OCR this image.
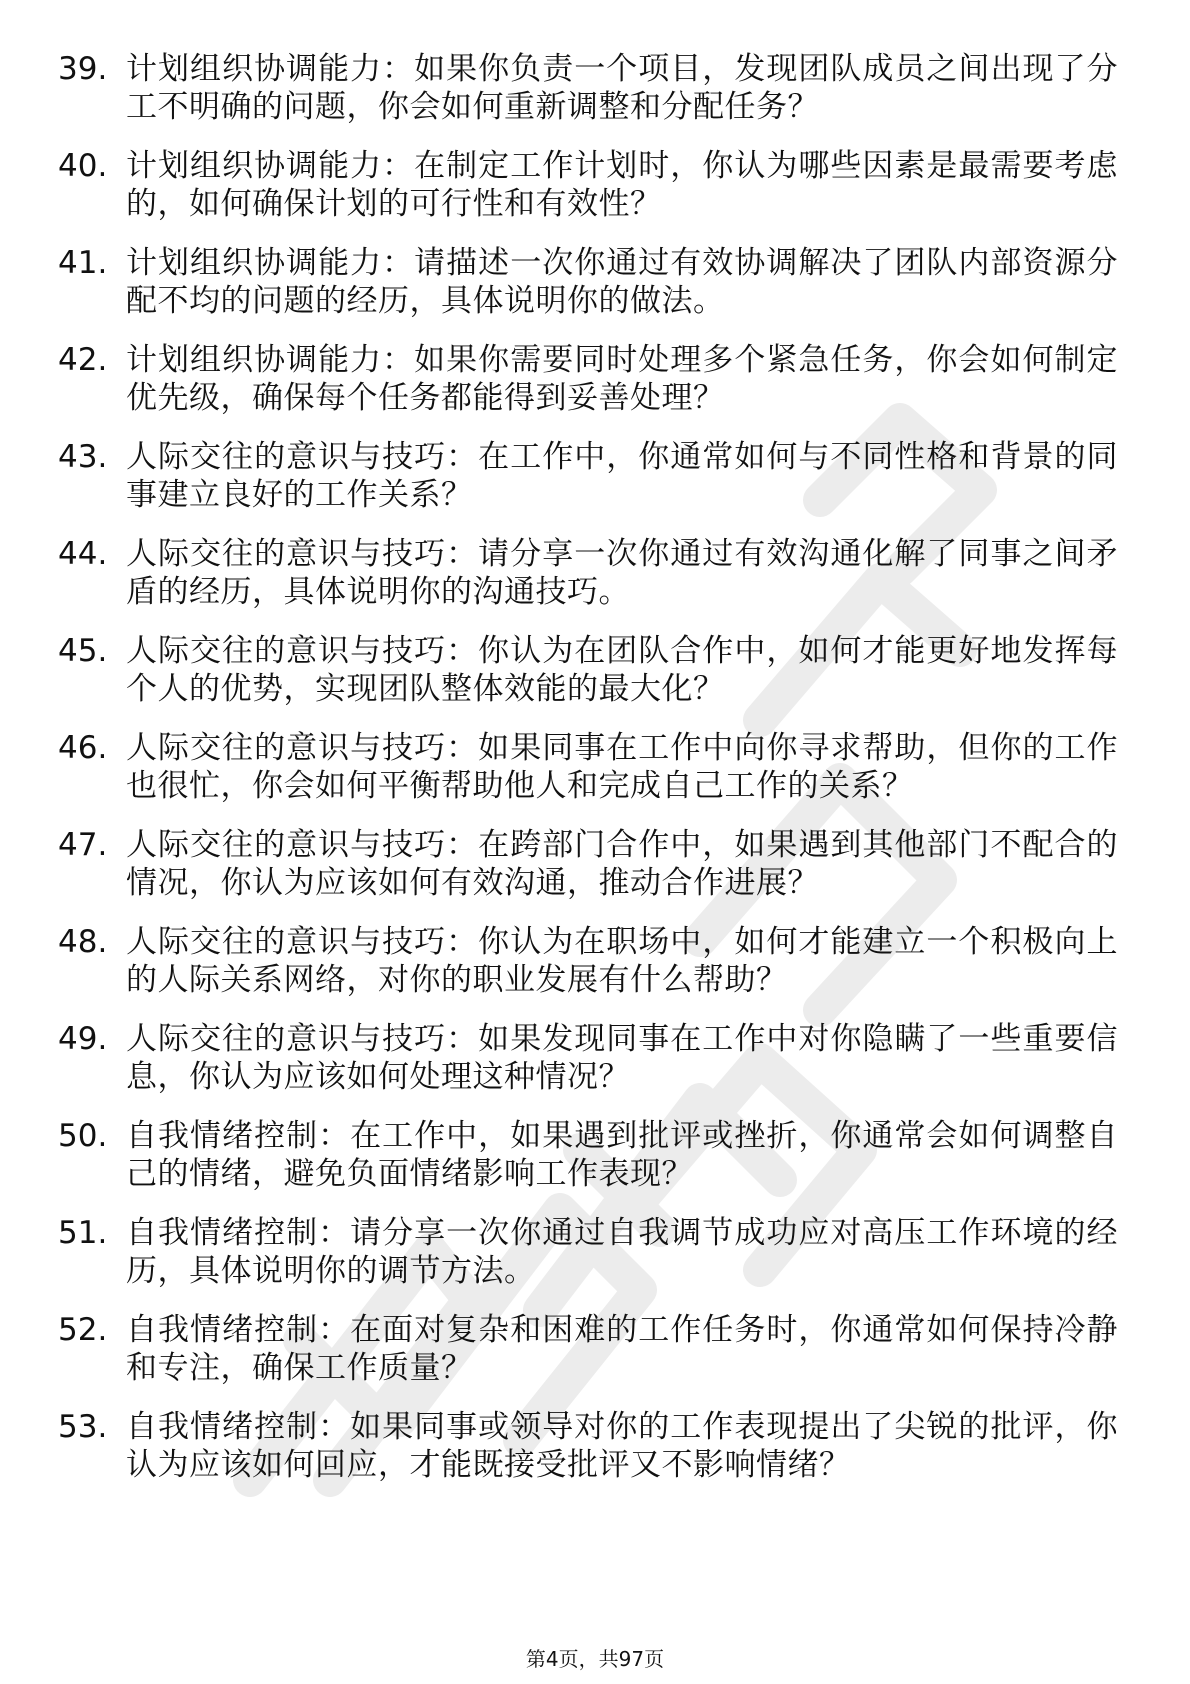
39. 计划组织协调能力：如果你负责一个项目，发现团队成员之间出现了分工不明确的问题，你会如何重新调整和分配任务？
40. 计划组织协调能力：在制定工作计划时，你认为哪些因素是最需要考虑的，如何确保计划的可行性和有效性？
41. 计划组织协调能力：请描述一次你通过有效协调解决了团队内部资源分配不均的问题的经历，具体说明你的做法。
42. 计划组织协调能力：如果你需要同时处理多个紧急任务，你会如何制定优先级，确保每个任务都能得到妥善处理？
43. 人际交往的意识与技巧：在工作中，你通常如何与不同性格和背景的同事建立良好的工作关系？
44. 人际交往的意识与技巧：请分享一次你通过有效沟通化解了同事之间矛盾的经历，具体说明你的沟通技巧。
45. 人际交往的意识与技巧：你认为在团队合作中，如何才能更好地发挥每个人的优势，实现团队整体效能的最大化？
46. 人际交往的意识与技巧：如果同事在工作中向你寻求帮助，但你的工作也很忙，你会如何平衡帮助他人和完成自己工作的关系？
47. 人际交往的意识与技巧：在跨部门合作中，如果遇到其他部门不配合的情况，你认为应该如何有效沟通，推动合作进展？
48. 人际交往的意识与技巧：你认为在职场中，如何才能建立一个积极向上的人际关系网络，对你的职业发展有什么帮助？
49. 人际交往的意识与技巧：如果发现同事在工作中对你隐瞒了一些重要信息，你认为应该如何处理这种情况？
50. 自我情绪控制：在工作中，如果遇到批评或挫折，你通常会如何调整自己的情绪，避免负面情绪影响工作表现？
51. 自我情绪控制：请分享一次你通过自我调节成功应对高压工作环境的经历，具体说明你的调节方法。
52. 自我情绪控制：在面对复杂和困难的工作任务时，你通常如何保持冷静和专注，确保工作质量？
53. 自我情绪控制：如果同事或领导对你的工作表现提出了尖锐的批评，你认为应该如何回应，才能既接受批评又不影响情绪？
第4页，共97页
